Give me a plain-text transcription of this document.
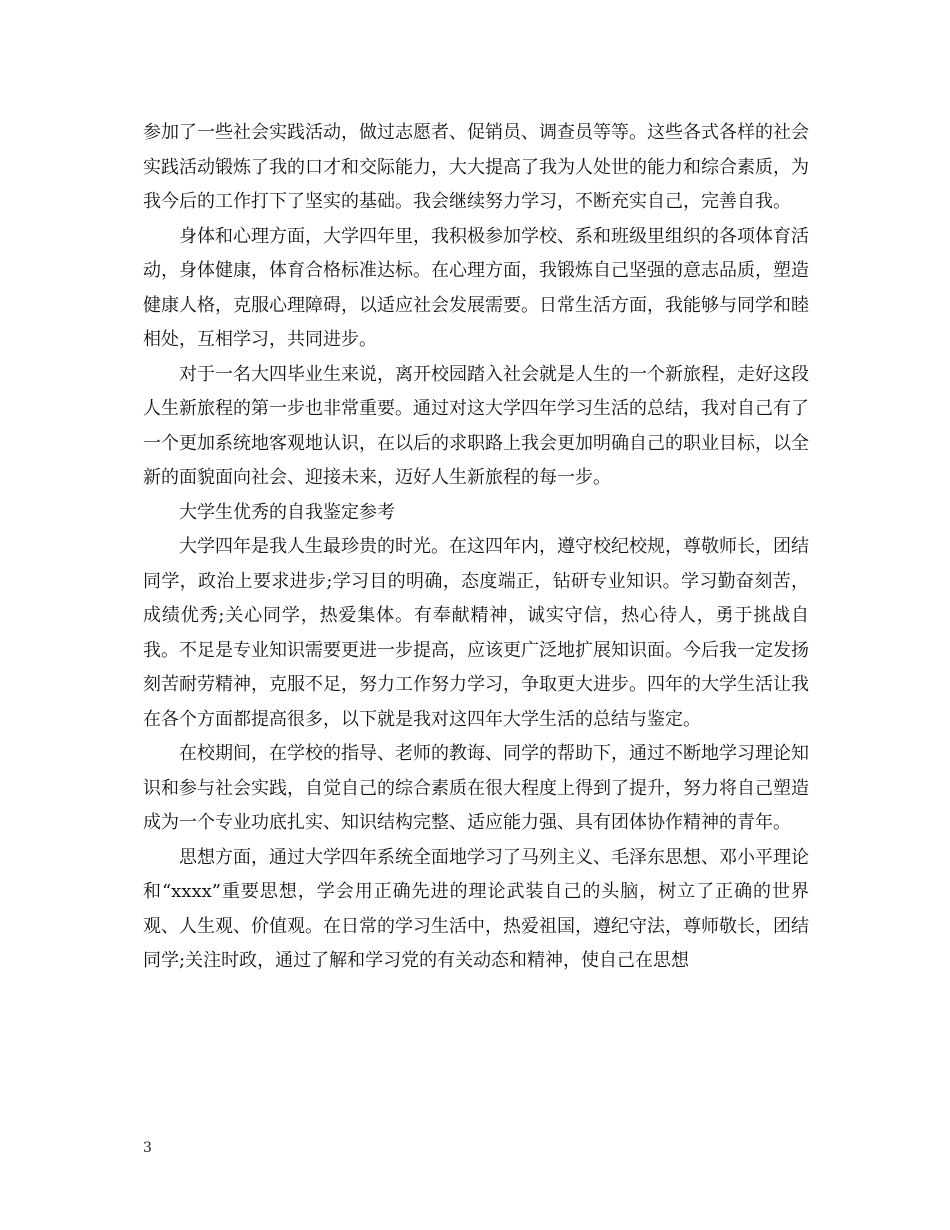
参加了一些社会实践活动，做过志愿者、促销员、调查员等等。这些各式各样的社会实践活动锻炼了我的口才和交际能力，大大提高了我为人处世的能力和综合素质，为我今后的工作打下了坚实的基础。我会继续努力学习，不断充实自己，完善自我。

身体和心理方面，大学四年里，我积极参加学校、系和班级里组织的各项体育活动，身体健康，体育合格标准达标。在心理方面，我锻炼自己坚强的意志品质，塑造健康人格，克服心理障碍，以适应社会发展需要。日常生活方面，我能够与同学和睦相处，互相学习，共同进步。

对于一名大四毕业生来说，离开校园踏入社会就是人生的一个新旅程，走好这段人生新旅程的第一步也非常重要。通过对这大学四年学习生活的总结，我对自己有了一个更加系统地客观地认识，在以后的求职路上我会更加明确自己的职业目标，以全新的面貌面向社会、迎接未来，迈好人生新旅程的每一步。

大学生优秀的自我鉴定参考

大学四年是我人生最珍贵的时光。在这四年内，遵守校纪校规，尊敬师长，团结同学，政治上要求进步;学习目的明确，态度端正，钻研专业知识。学习勤奋刻苦，成绩优秀;关心同学，热爱集体。有奉献精神，诚实守信，热心待人，勇于挑战自我。不足是专业知识需要更进一步提高，应该更广泛地扩展知识面。今后我一定发扬刻苦耐劳精神，克服不足，努力工作努力学习，争取更大进步。四年的大学生活让我在各个方面都提高很多，以下就是我对这四年大学生活的总结与鉴定。

在校期间，在学校的指导、老师的教诲、同学的帮助下，通过不断地学习理论知识和参与社会实践，自觉自己的综合素质在很大程度上得到了提升，努力将自己塑造成为一个专业功底扎实、知识结构完整、适应能力强、具有团体协作精神的青年。

思想方面，通过大学四年系统全面地学习了马列主义、毛泽东思想、邓小平理论和“xxxx”重要思想，学会用正确先进的理论武装自己的头脑，树立了正确的世界观、人生观、价值观。在日常的学习生活中，热爱祖国，遵纪守法，尊师敬长，团结同学;关注时政，通过了解和学习党的有关动态和精神，使自己在思想

3
